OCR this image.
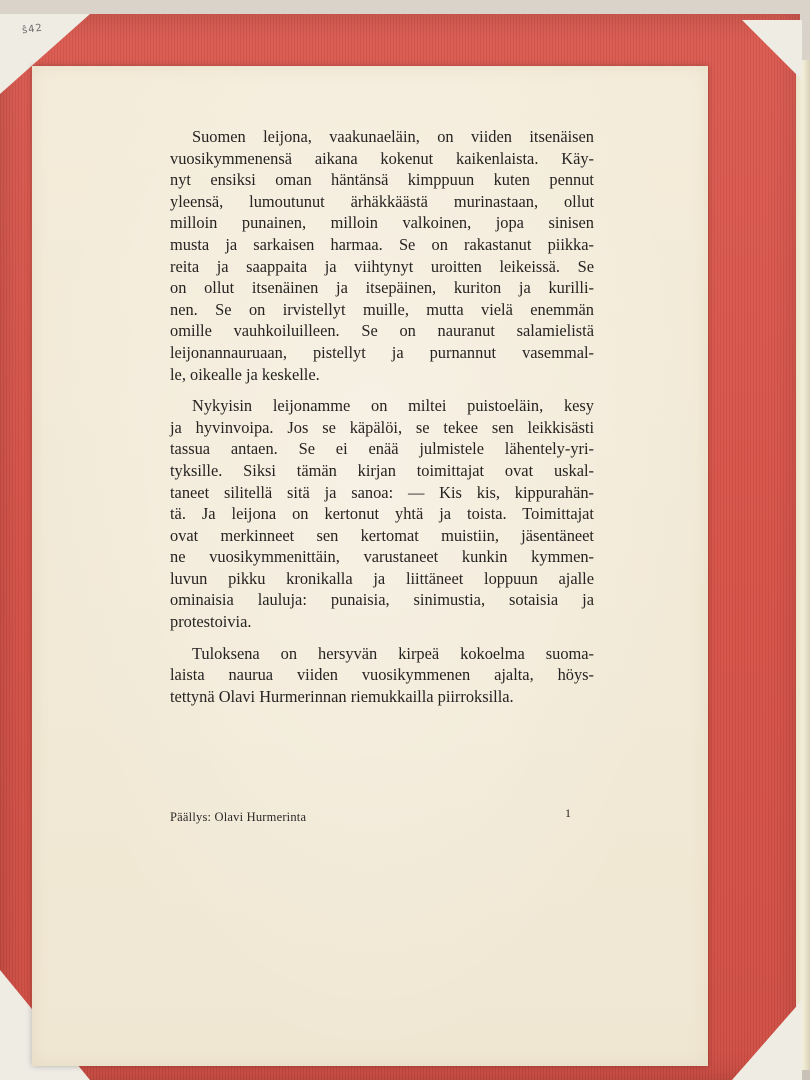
ŝ42
Suomen leijona, vaakunaeläin, on viiden itsenäisen
vuosikymmenensä aikana kokenut kaikenlaista. Käy-
nyt ensiksi oman häntänsä kimppuun kuten pennut
yleensä, lumoutunut ärhäkkäästä murinastaan, ollut
milloin punainen, milloin valkoinen, jopa sinisen
musta ja sarkaisen harmaa. Se on rakastanut piikka-
reita ja saappaita ja viihtynyt uroitten leikeissä. Se
on ollut itsenäinen ja itsepäinen, kuriton ja kurilli-
nen. Se on irvistellyt muille, mutta vielä enemmän
omille vauhkoiluilleen. Se on nauranut salamielistä
leijonannauruaan, pistellyt ja purnannut vasemmal-
le, oikealle ja keskelle.
Nykyisin leijonamme on miltei puistoeläin, kesy
ja hyvinvoipa. Jos se käpälöi, se tekee sen leikkisästi
tassua antaen. Se ei enää julmistele lähentely-yri-
tyksille. Siksi tämän kirjan toimittajat ovat uskal-
taneet silitellä sitä ja sanoa: — Kis kis, kippurahän-
tä. Ja leijona on kertonut yhtä ja toista. Toimittajat
ovat merkinneet sen kertomat muistiin, jäsentäneet
ne vuosikymmenittäin, varustaneet kunkin kymmen-
luvun pikku kronikalla ja liittäneet loppuun ajalle
ominaisia lauluja: punaisia, sinimustia, sotaisia ja
protestoivia.
Tuloksena on hersyvän kirpeä kokoelma suoma-
laista naurua viiden vuosikymmenen ajalta, höys-
tettynä Olavi Hurmerinnan riemukkailla piirroksilla.
Päällys: Olavi Hurmerinta	1
